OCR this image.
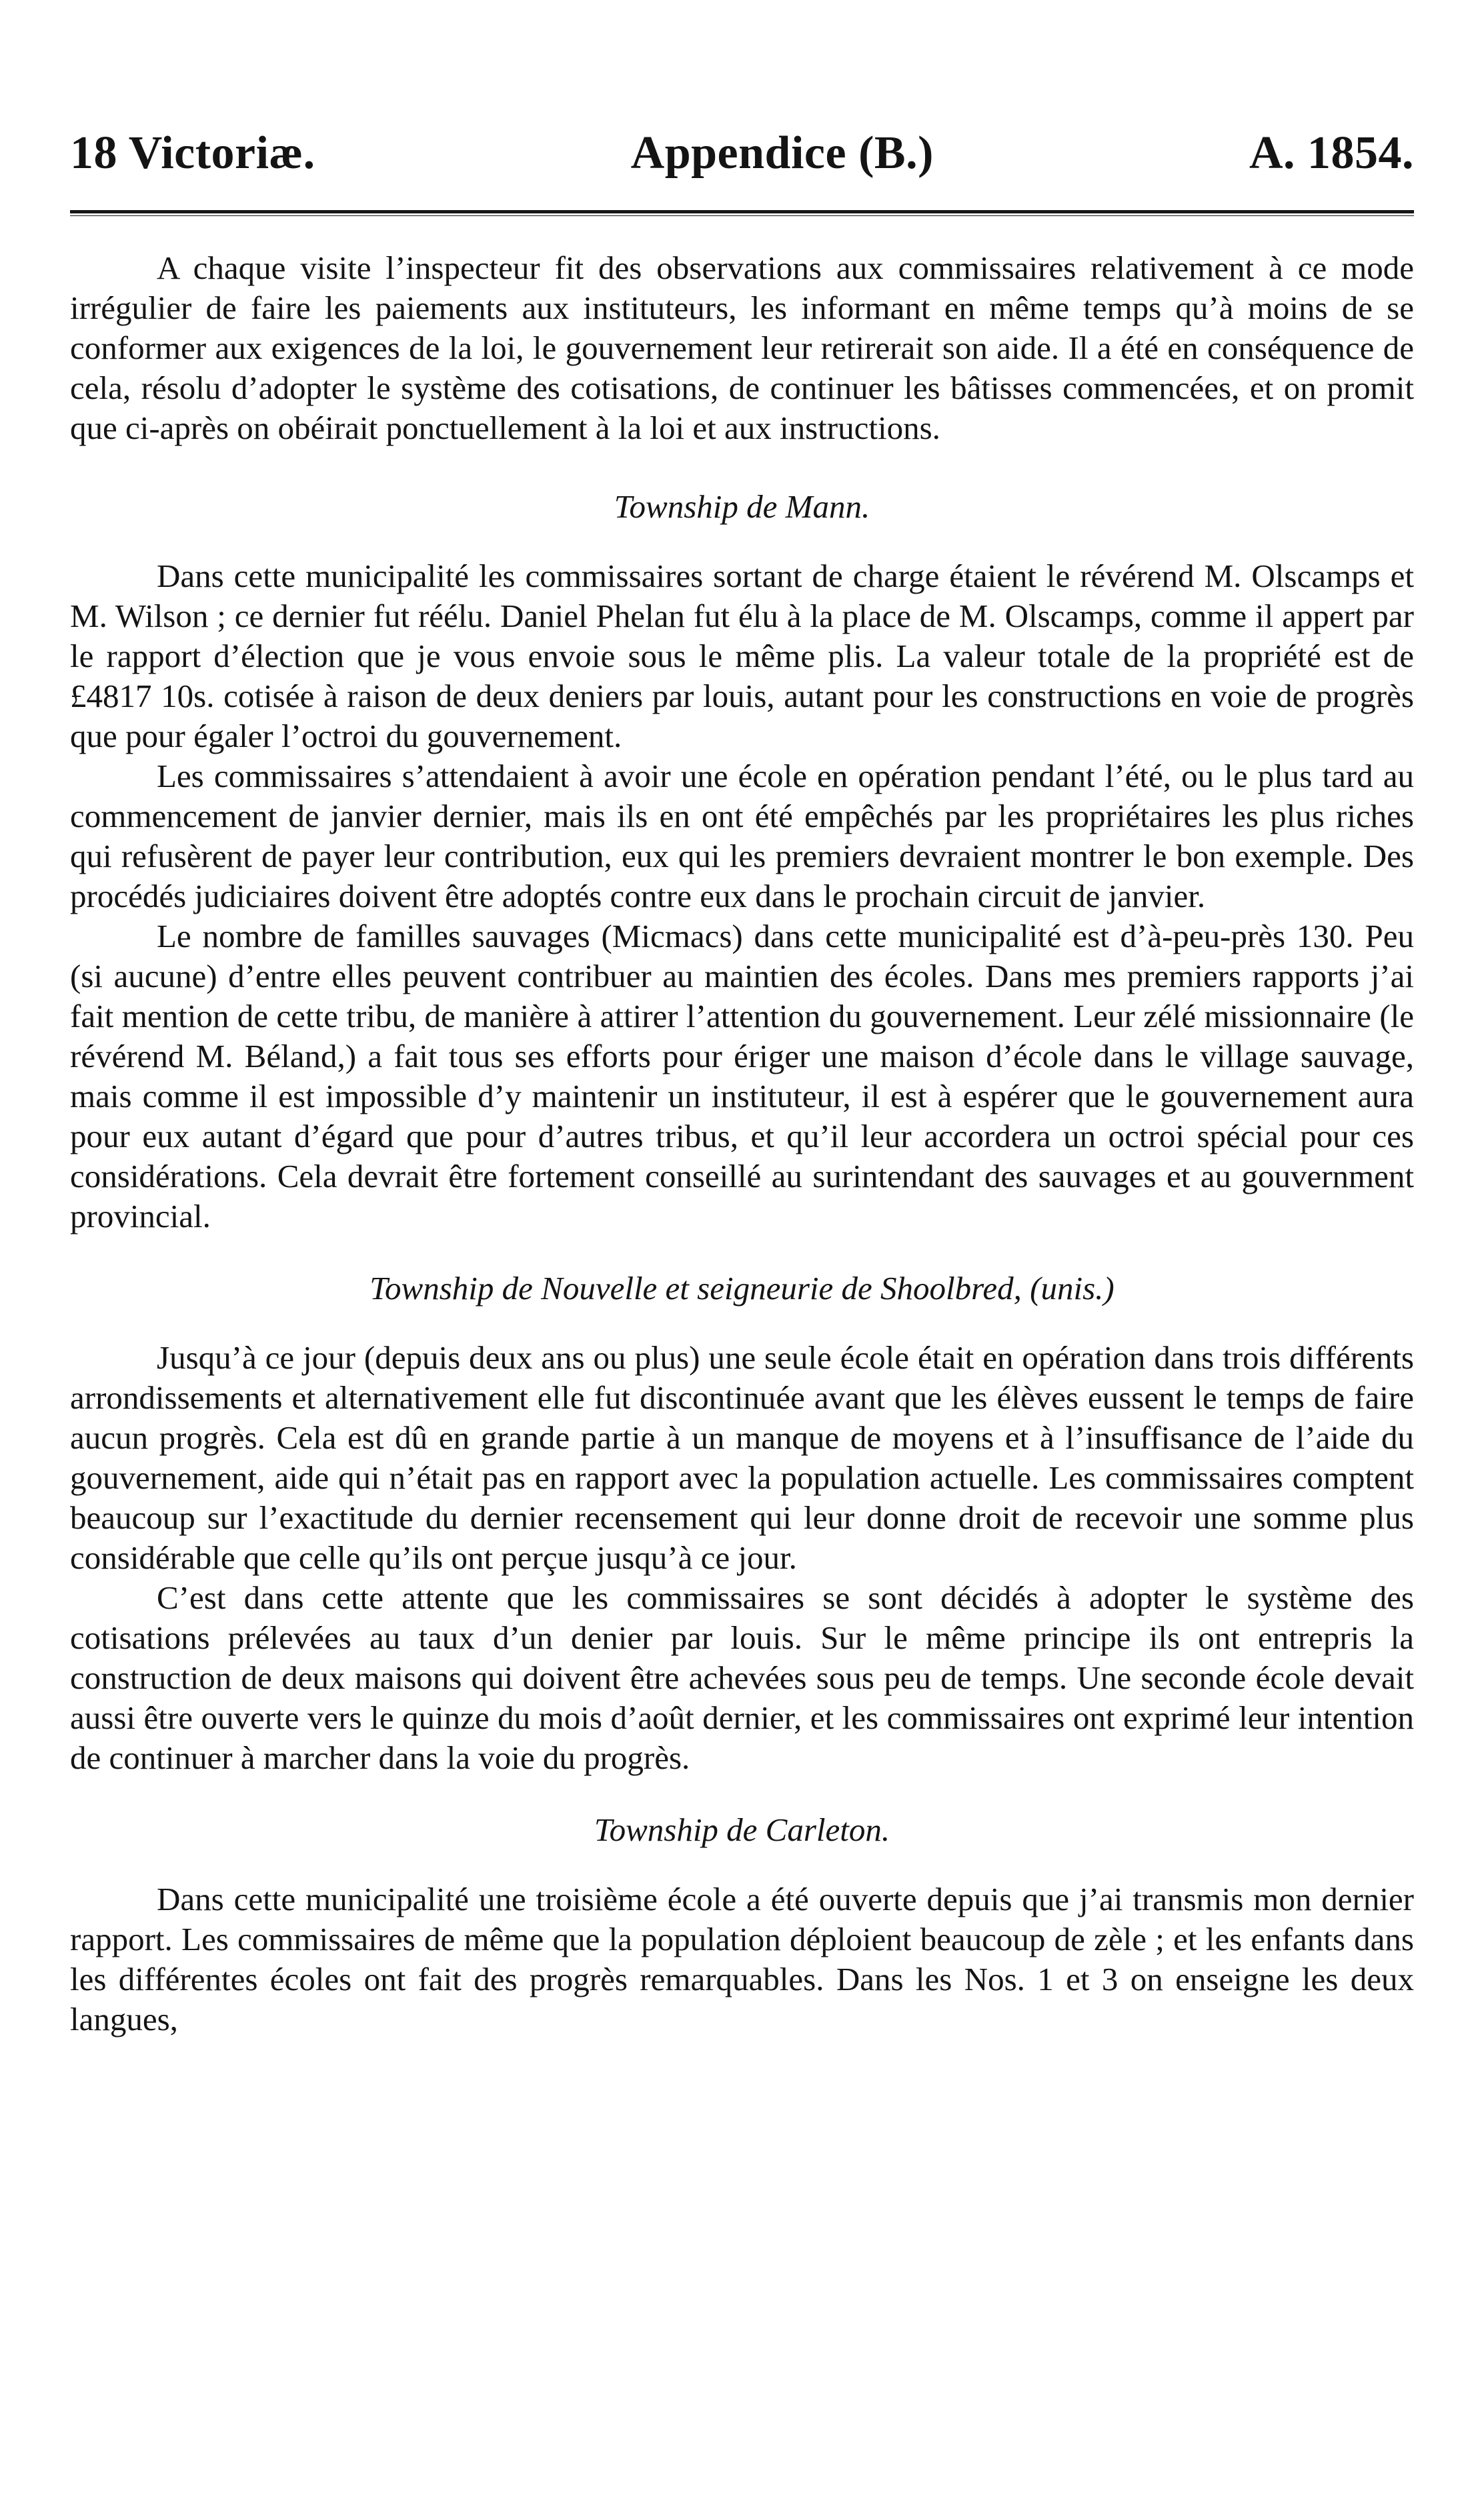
18 Victoriæ.	Appendice (B.)	A. 1854.

A chaque visite l’inspecteur fit des observations aux commissaires relativement à ce mode irrégulier de faire les paiements aux instituteurs, les informant en même temps qu’à moins de se conformer aux exigences de la loi, le gouvernement leur retirerait son aide. Il a été en conséquence de cela, résolu d’adopter le système des cotisations, de continuer les bâtisses commencées, et on promit que ci-après on obéirait ponctuellement à la loi et aux instructions.

Township de Mann.

Dans cette municipalité les commissaires sortant de charge étaient le révérend M. Olscamps et M. Wilson ; ce dernier fut réélu. Daniel Phelan fut élu à la place de M. Olscamps, comme il appert par le rapport d’élection que je vous envoie sous le même plis. La valeur totale de la propriété est de £4817 10s. cotisée à raison de deux deniers par louis, autant pour les constructions en voie de progrès que pour égaler l’octroi du gouvernement.

Les commissaires s’attendaient à avoir une école en opération pendant l’été, ou le plus tard au commencement de janvier dernier, mais ils en ont été empêchés par les propriétaires les plus riches qui refusèrent de payer leur contribution, eux qui les premiers devraient montrer le bon exemple. Des procédés judiciaires doivent être adoptés contre eux dans le prochain circuit de janvier.

Le nombre de familles sauvages (Micmacs) dans cette municipalité est d’à-peu-près 130. Peu (si aucune) d’entre elles peuvent contribuer au maintien des écoles. Dans mes premiers rapports j’ai fait mention de cette tribu, de manière à attirer l’attention du gouvernement. Leur zélé missionnaire (le révérend M. Béland,) a fait tous ses efforts pour ériger une maison d’école dans le village sauvage, mais comme il est impossible d’y maintenir un instituteur, il est à espérer que le gouvernement aura pour eux autant d’égard que pour d’autres tribus, et qu’il leur accordera un octroi spécial pour ces considérations. Cela devrait être fortement conseillé au surintendant des sauvages et au gouvernment provincial.

Township de Nouvelle et seigneurie de Shoolbred, (unis.)

Jusqu’à ce jour (depuis deux ans ou plus) une seule école était en opération dans trois différents arrondissements et alternativement elle fut discontinuée avant que les élèves eussent le temps de faire aucun progrès. Cela est dû en grande partie à un manque de moyens et à l’insuffisance de l’aide du gouvernement, aide qui n’était pas en rapport avec la population actuelle. Les commissaires comptent beaucoup sur l’exactitude du dernier recensement qui leur donne droit de recevoir une somme plus considérable que celle qu’ils ont perçue jusqu’à ce jour.

C’est dans cette attente que les commissaires se sont décidés à adopter le système des cotisations prélevées au taux d’un denier par louis. Sur le même principe ils ont entrepris la construction de deux maisons qui doivent être achevées sous peu de temps. Une seconde école devait aussi être ouverte vers le quinze du mois d’août dernier, et les commissaires ont exprimé leur intention de continuer à marcher dans la voie du progrès.

Township de Carleton.

Dans cette municipalité une troisième école a été ouverte depuis que j’ai transmis mon dernier rapport. Les commissaires de même que la population déploient beaucoup de zèle ; et les enfants dans les différentes écoles ont fait des progrès remarquables. Dans les Nos. 1 et 3 on enseigne les deux langues,
